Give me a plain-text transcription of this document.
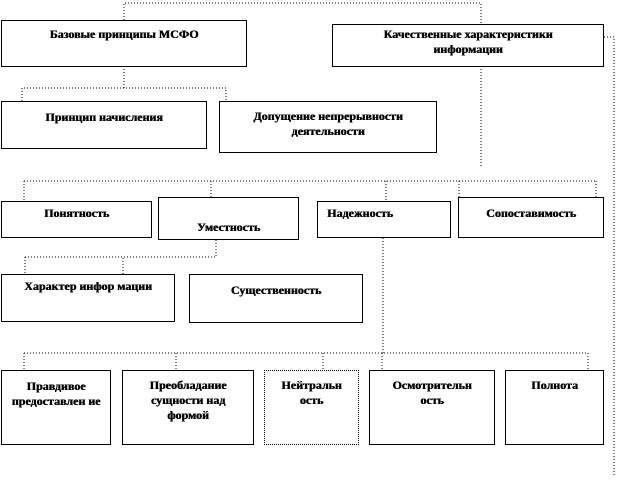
Базовые принципы МСФО	Качественные характеристики информации
Принцип начисления	Допущение непрерывности деятельности
Понятность
Уместность
Надежность	Сопоставимость
Характер инфор мации	Существенность
Правдивое предоставлен ие
Преобладание сущности над формой
Нейтральн ость
Осмотрительн ость
Полнота
